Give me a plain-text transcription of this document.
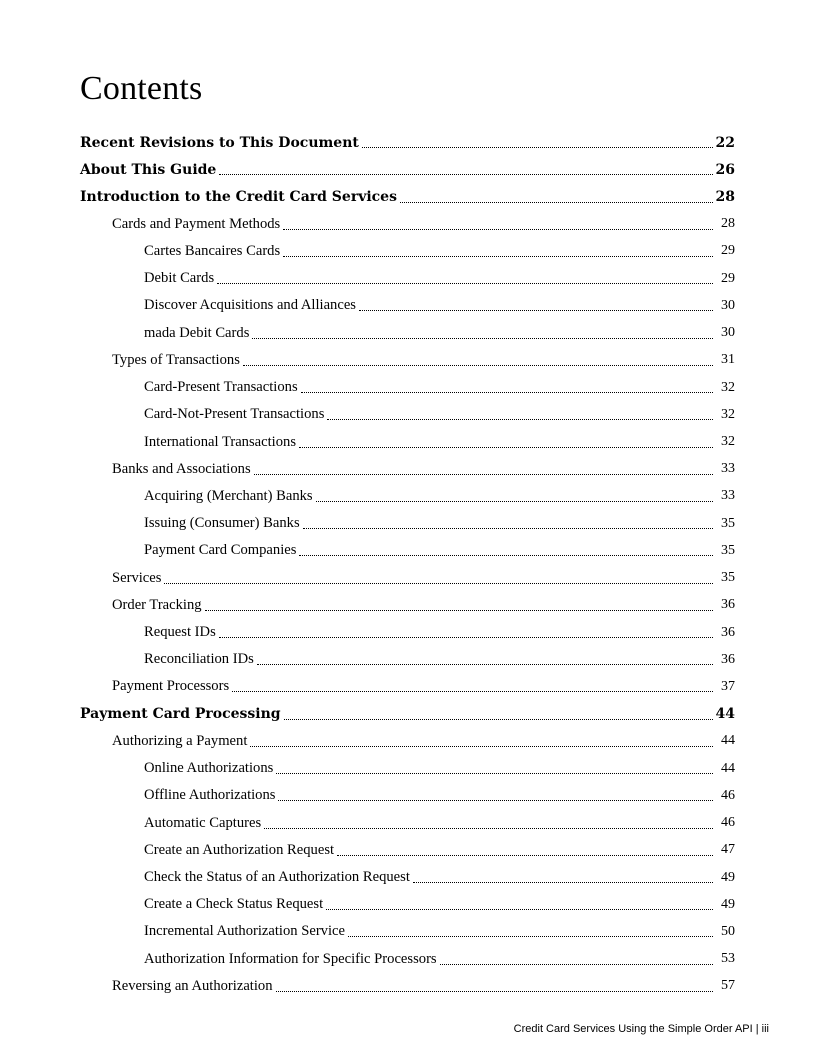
Contents
Recent Revisions to This Document	22
About This Guide	26
Introduction to the Credit Card Services	28
Cards and Payment Methods	28
Cartes Bancaires Cards	29
Debit Cards	29
Discover Acquisitions and Alliances	30
mada Debit Cards	30
Types of Transactions	31
Card-Present Transactions	32
Card-Not-Present Transactions	32
International Transactions	32
Banks and Associations	33
Acquiring (Merchant) Banks	33
Issuing (Consumer) Banks	35
Payment Card Companies	35
Services	35
Order Tracking	36
Request IDs	36
Reconciliation IDs	36
Payment Processors	37
Payment Card Processing	44
Authorizing a Payment	44
Online Authorizations	44
Offline Authorizations	46
Automatic Captures	46
Create an Authorization Request	47
Check the Status of an Authorization Request	49
Create a Check Status Request	49
Incremental Authorization Service	50
Authorization Information for Specific Processors	53
Reversing an Authorization	57
Credit Card Services Using the Simple Order API | iii
